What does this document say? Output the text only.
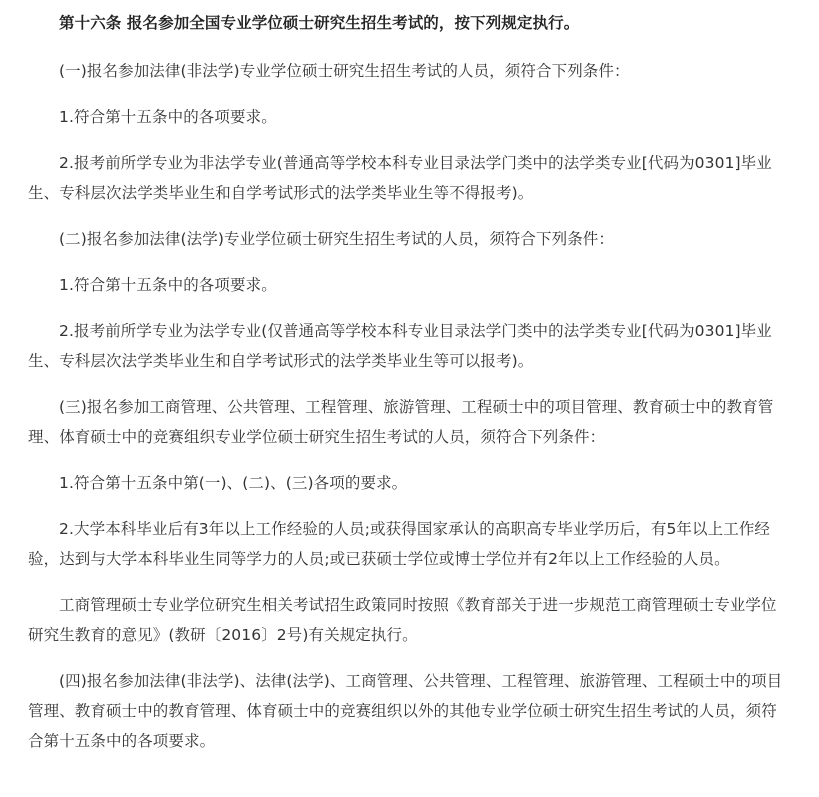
第十六条 报名参加全国专业学位硕士研究生招生考试的，按下列规定执行。

(一)报名参加法律(非法学)专业学位硕士研究生招生考试的人员，须符合下列条件：

1.符合第十五条中的各项要求。

2.报考前所学专业为非法学专业(普通高等学校本科专业目录法学门类中的法学类专业[代码为0301]毕业生、专科层次法学类毕业生和自学考试形式的法学类毕业生等不得报考)。

(二)报名参加法律(法学)专业学位硕士研究生招生考试的人员，须符合下列条件：

1.符合第十五条中的各项要求。

2.报考前所学专业为法学专业(仅普通高等学校本科专业目录法学门类中的法学类专业[代码为0301]毕业生、专科层次法学类毕业生和自学考试形式的法学类毕业生等可以报考)。

(三)报名参加工商管理、公共管理、工程管理、旅游管理、工程硕士中的项目管理、教育硕士中的教育管理、体育硕士中的竞赛组织专业学位硕士研究生招生考试的人员，须符合下列条件：

1.符合第十五条中第(一)、(二)、(三)各项的要求。

2.大学本科毕业后有3年以上工作经验的人员;或获得国家承认的高职高专毕业学历后，有5年以上工作经验，达到与大学本科毕业生同等学力的人员;或已获硕士学位或博士学位并有2年以上工作经验的人员。

工商管理硕士专业学位研究生相关考试招生政策同时按照《教育部关于进一步规范工商管理硕士专业学位研究生教育的意见》(教研〔2016〕2号)有关规定执行。

(四)报名参加法律(非法学)、法律(法学)、工商管理、公共管理、工程管理、旅游管理、工程硕士中的项目管理、教育硕士中的教育管理、体育硕士中的竞赛组织以外的其他专业学位硕士研究生招生考试的人员，须符合第十五条中的各项要求。
